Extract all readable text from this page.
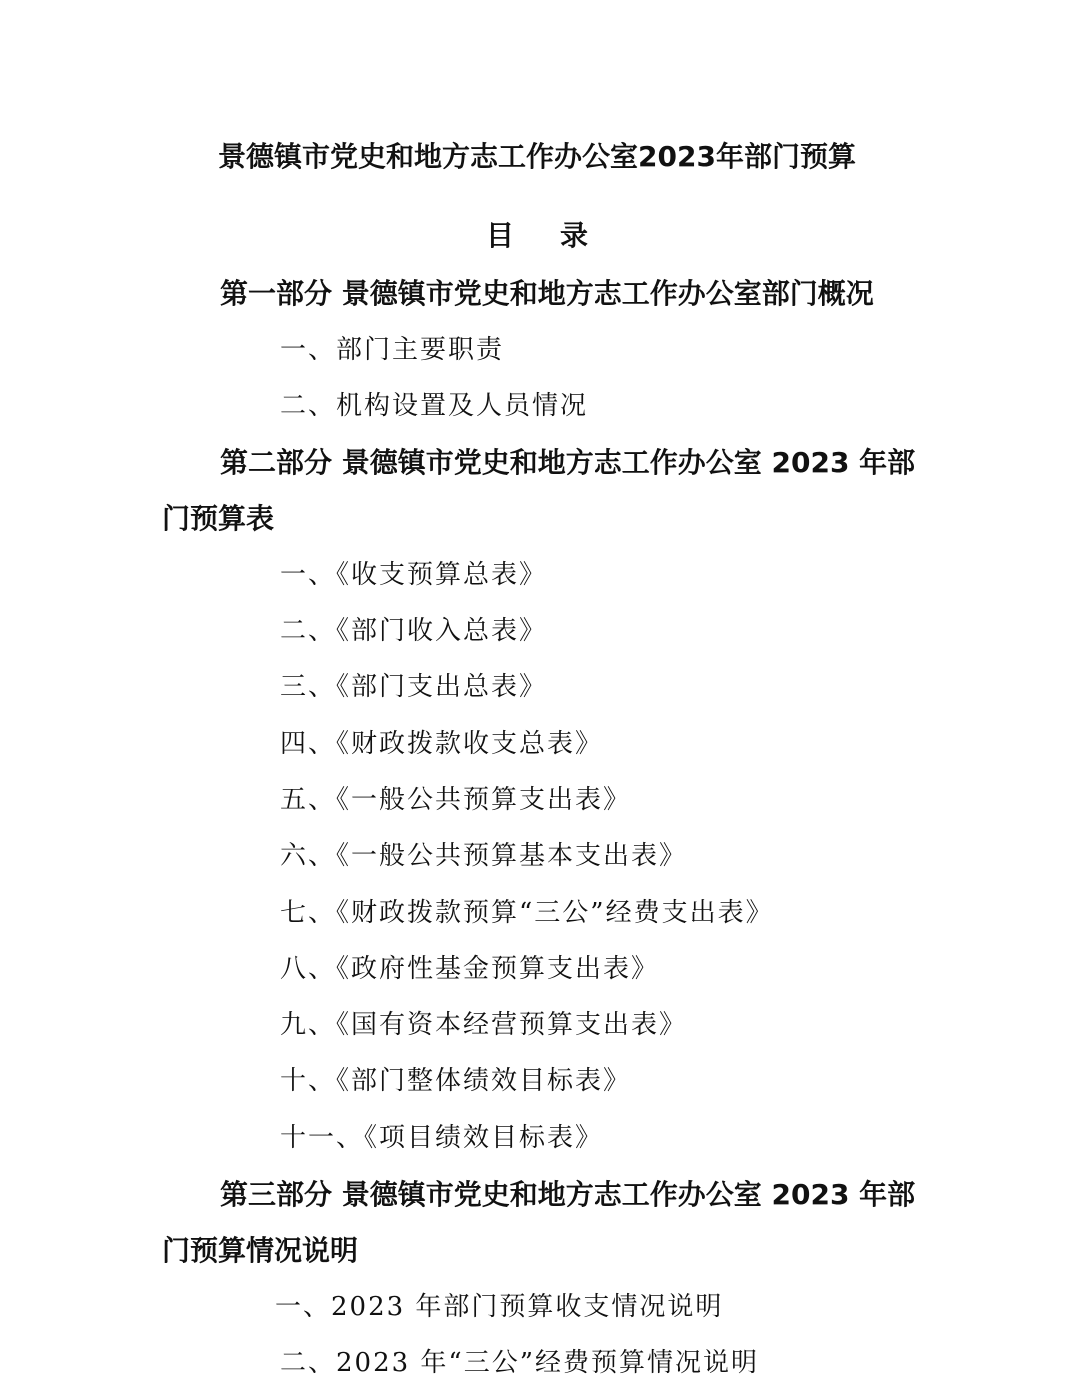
景德镇市党史和地方志工作办公室2023年部门预算
目录
第一部分 景德镇市党史和地方志工作办公室部门概况
一、部门主要职责
二、机构设置及人员情况
第二部分 景德镇市党史和地方志工作办公室 2023 年部
门预算表
一、《收支预算总表》
二、《部门收入总表》
三、《部门支出总表》
四、《财政拨款收支总表》
五、《一般公共预算支出表》
六、《一般公共预算基本支出表》
七、《财政拨款预算“三公”经费支出表》
八、《政府性基金预算支出表》
九、《国有资本经营预算支出表》
十、《部门整体绩效目标表》
十一、《项目绩效目标表》
第三部分 景德镇市党史和地方志工作办公室 2023 年部
门预算情况说明
一、2023 年部门预算收支情况说明
二、2023 年“三公”经费预算情况说明
